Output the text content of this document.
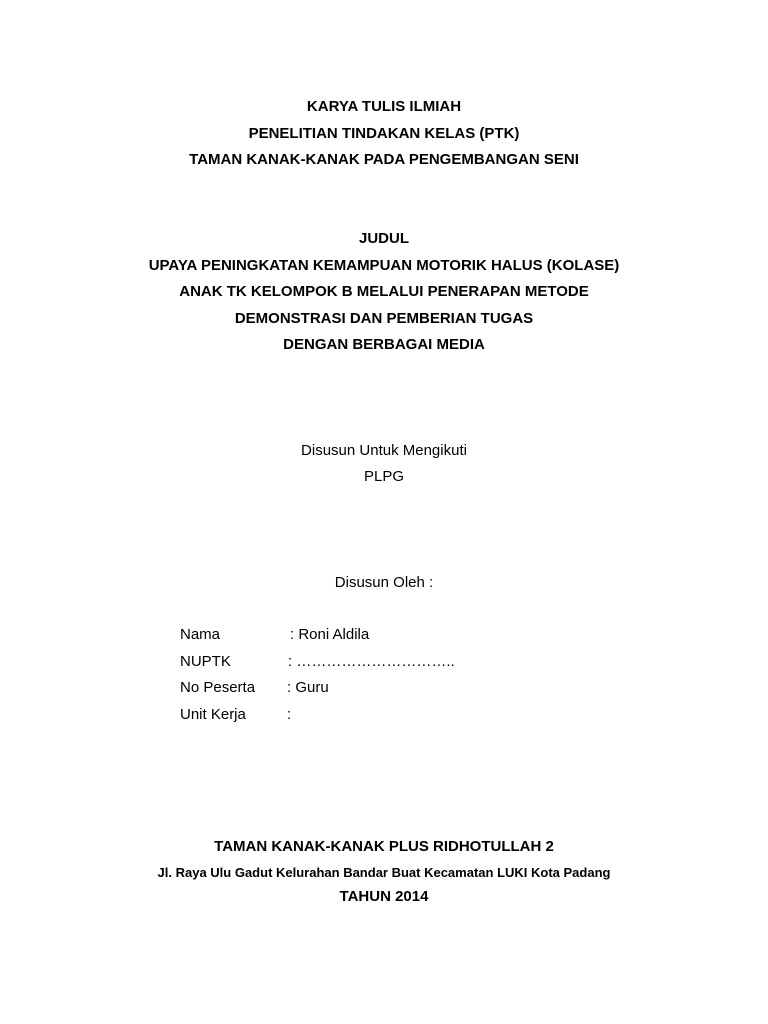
KARYA TULIS ILMIAH
PENELITIAN TINDAKAN KELAS (PTK)
TAMAN KANAK-KANAK PADA PENGEMBANGAN SENI
JUDUL
UPAYA PENINGKATAN KEMAMPUAN MOTORIK HALUS (KOLASE)
ANAK TK KELOMPOK B MELALUI PENERAPAN METODE
DEMONSTRASI DAN PEMBERIAN TUGAS
DENGAN BERBAGAI MEDIA
Disusun Untuk Mengikuti
PLPG
Disusun Oleh :
Nama	: Roni Aldila
NUPTK	: …………………………..
No Peserta : Guru
Unit Kerja	:
TAMAN KANAK-KANAK PLUS RIDHOTULLAH 2
Jl. Raya Ulu Gadut Kelurahan Bandar Buat Kecamatan LUKI Kota Padang
TAHUN 2014
